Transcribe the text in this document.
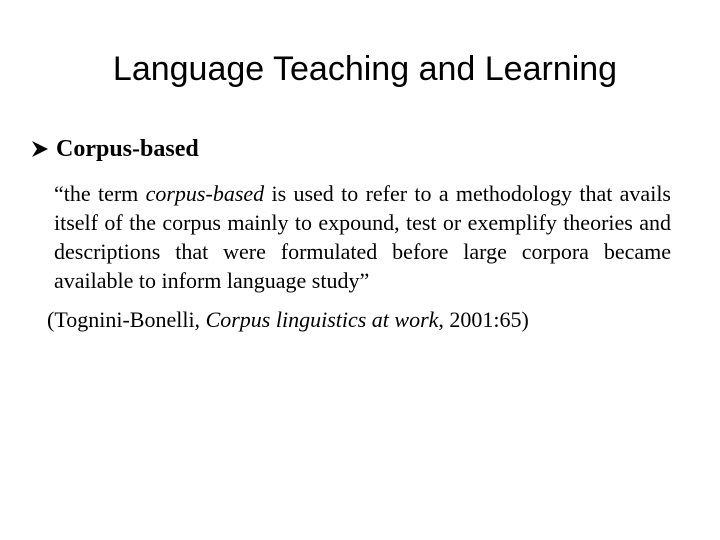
Language Teaching and Learning
Corpus-based

“the term corpus-based is used to refer to a methodology that avails itself of the corpus mainly to expound, test or exemplify theories and descriptions that were formulated before large corpora became available to inform language study”

(Tognini-Bonelli, Corpus linguistics at work, 2001:65)
